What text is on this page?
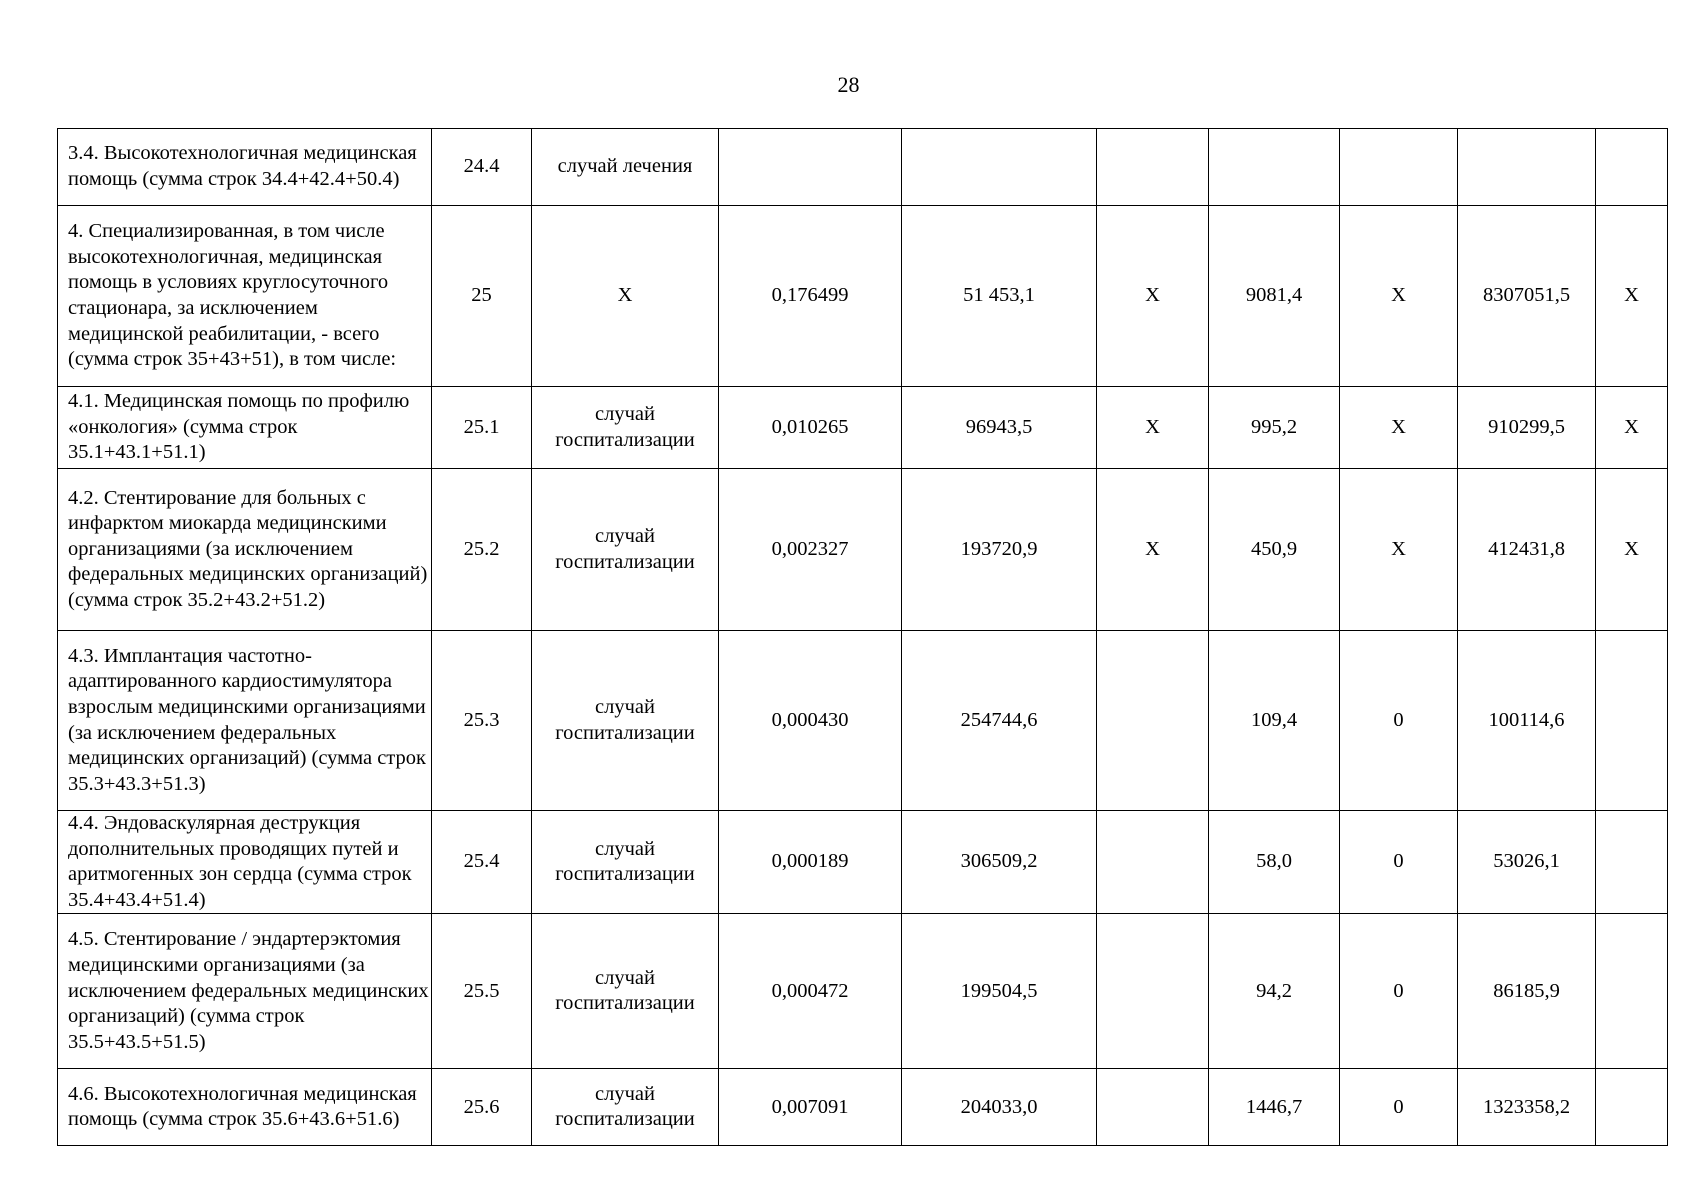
28
3.4. Высокотехнологичная медицинская помощь (сумма строк 34.4+42.4+50.4)	24.4	случай лечения							
4. Специализированная, в том числе высокотехнологичная, медицинская помощь в условиях круглосуточного стационара, за исключением медицинской реабилитации, - всего (сумма строк 35+43+51), в том числе:	25	Х	0,176499	51 453,1	Х	9081,4	Х	8307051,5	Х
4.1. Медицинская помощь по профилю «онкология» (сумма строк 35.1+43.1+51.1)	25.1	случай госпитализации	0,010265	96943,5	Х	995,2	Х	910299,5	Х
4.2. Стентирование для больных с инфарктом миокарда медицинскими организациями (за исключением федеральных медицинских организаций) (сумма строк 35.2+43.2+51.2)	25.2	случай госпитализации	0,002327	193720,9	Х	450,9	Х	412431,8	Х
4.3. Имплантация частотно-адаптированного кардиостимулятора взрослым медицинскими организациями (за исключением федеральных медицинских организаций) (сумма строк 35.3+43.3+51.3)	25.3	случай госпитализации	0,000430	254744,6		109,4	0	100114,6	
4.4. Эндоваскулярная деструкция дополнительных проводящих путей и аритмогенных зон сердца (сумма строк 35.4+43.4+51.4)	25.4	случай госпитализации	0,000189	306509,2		58,0	0	53026,1	
4.5. Стентирование / эндартерэктомия медицинскими организациями (за исключением федеральных медицинских организаций) (сумма строк 35.5+43.5+51.5)	25.5	случай госпитализации	0,000472	199504,5		94,2	0	86185,9	
4.6. Высокотехнологичная медицинская помощь (сумма строк 35.6+43.6+51.6)	25.6	случай госпитализации	0,007091	204033,0		1446,7	0	1323358,2	
